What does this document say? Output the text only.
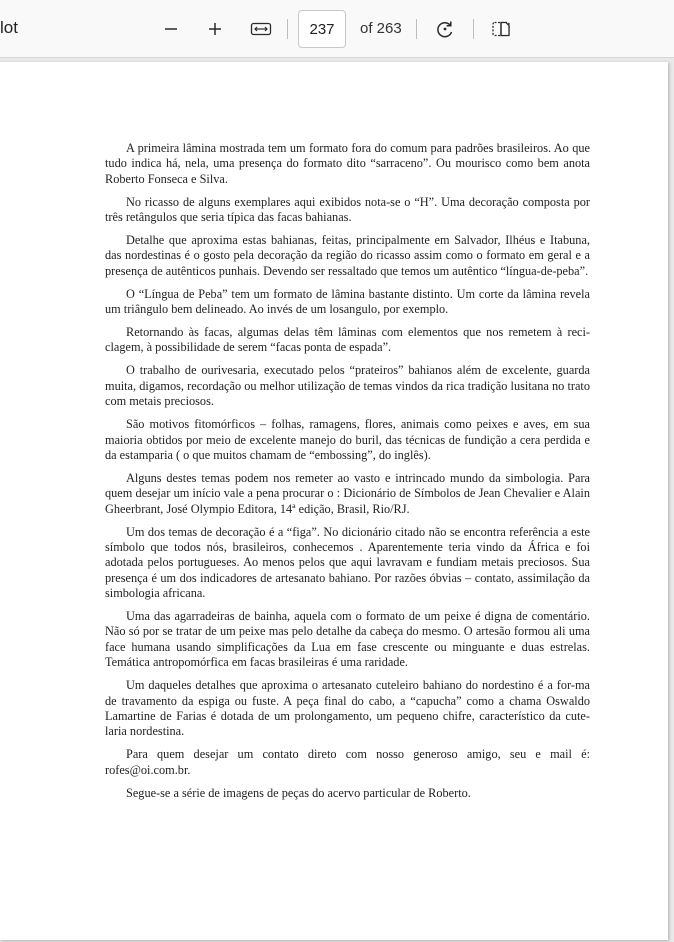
lot
237	of 263

A primeira lâmina mostrada tem um formato fora do comum para padrões brasileiros. Ao que tudo indica há, nela, uma presença do formato dito “sarraceno”. Ou mourisco como bem anota Roberto Fonseca e Silva.

No ricasso de alguns exemplares aqui exibidos nota-se o “H”. Uma decoração composta por três retângulos que seria típica das facas bahianas.

Detalhe que aproxima estas bahianas, feitas, principalmente em Salvador, Ilhéus e Itabuna, das nordestinas é o gosto pela decoração da região do ricasso assim como o formato em geral e a presença de autênticos punhais. Devendo ser ressaltado que temos um autêntico “língua-de-peba”.

O “Língua de Peba” tem um formato de lâmina bastante distinto. Um corte da lâmina revela um triângulo bem delineado. Ao invés de um losangulo, por exemplo.

Retornando às facas, algumas delas têm lâminas com elementos que nos remetem à reci-clagem, à possibilidade de serem “facas ponta de espada”.

O trabalho de ourivesaria, executado pelos “prateiros” bahianos além de excelente, guarda muita, digamos, recordação ou melhor utilização de temas vindos da rica tradição lusitana no trato com metais preciosos.

São motivos fitomórficos – folhas, ramagens, flores, animais como peixes e aves, em sua maioria obtidos por meio de excelente manejo do buril, das técnicas de fundição a cera perdida e da estamparia ( o que muitos chamam de “embossing”, do inglês).

Alguns destes temas podem nos remeter ao vasto e intrincado mundo da simbologia. Para quem desejar um início vale a pena procurar o : Dicionário de Símbolos de Jean Chevalier e Alain Gheerbrant, José Olympio Editora, 14ª edição, Brasil, Rio/RJ.

Um dos temas de decoração é a “figa”. No dicionário citado não se encontra referência a este símbolo que todos nós, brasileiros, conhecemos . Aparentemente teria vindo da África e foi adotada pelos portugueses. Ao menos pelos que aqui lavravam e fundiam metais preciosos. Sua presença é um dos indicadores de artesanato bahiano. Por razões óbvias – contato, assimilação da simbologia africana.

Uma das agarradeiras de bainha, aquela com o formato de um peixe é digna de comentário. Não só por se tratar de um peixe mas pelo detalhe da cabeça do mesmo. O artesão formou ali uma face humana usando simplificações da Lua em fase crescente ou minguante e duas estrelas. Temática antropomórfica em facas brasileiras é uma raridade.

Um daqueles detalhes que aproxima o artesanato cuteleiro bahiano do nordestino é a for-ma de travamento da espiga ou fuste. A peça final do cabo, a “capucha” como a chama Oswaldo Lamartine de Farias é dotada de um prolongamento, um pequeno chifre, característico da cute-laria nordestina.

Para quem desejar um contato direto com nosso generoso amigo, seu e mail é: rofes@oi.com.br.

Segue-se a série de imagens de peças do acervo particular de Roberto.
